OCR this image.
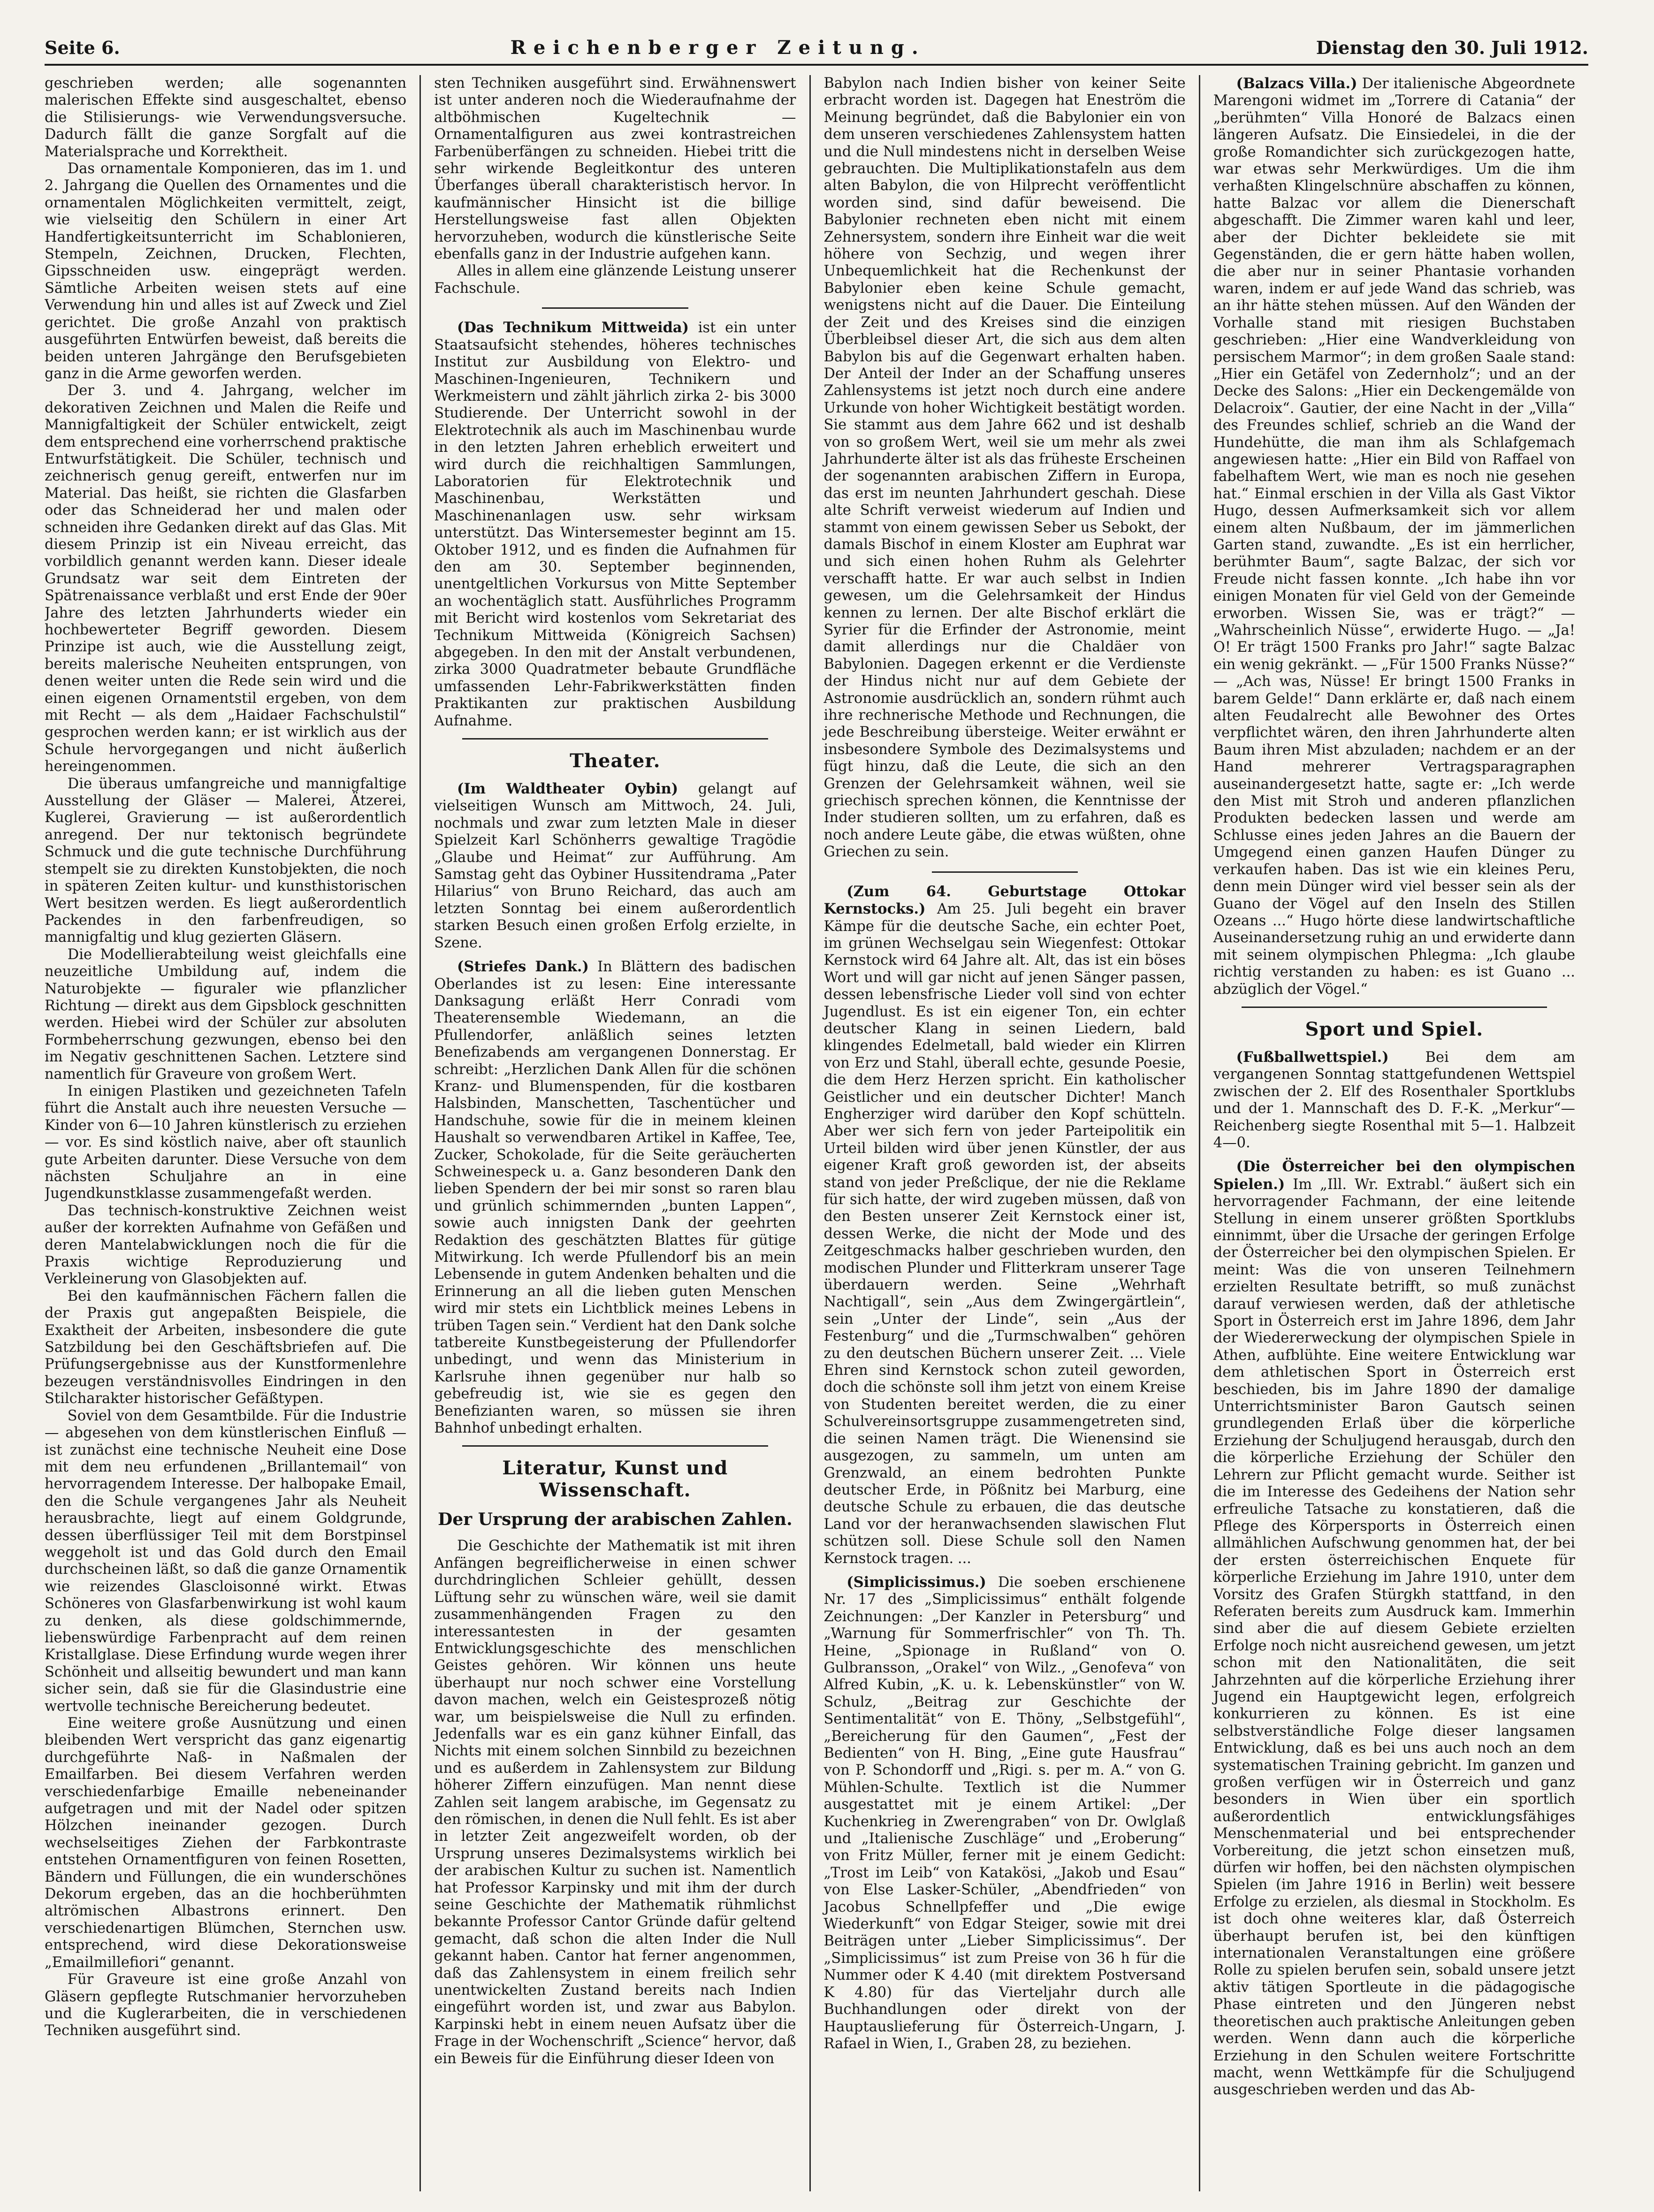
Seite 6.	Reichenberger Zeitung.	Dienstag den 30. Juli 1912.

geschrieben werden; alle sogenannten malerischen Effekte sind ausgeschaltet, ebenso die Stilisierungs- wie Verwendungsversuche. Dadurch fällt die ganze Sorgfalt auf die Materialsprache und Korrektheit.

Das ornamentale Komponieren, das im 1. und 2. Jahrgang die Quellen des Ornamentes und die ornamentalen Möglichkeiten vermittelt, zeigt, wie vielseitig den Schülern in einer Art Handfertigkeitsunterricht im Schablonieren, Stempeln, Zeichnen, Drucken, Flechten, Gipsschneiden usw. eingeprägt werden. Sämtliche Arbeiten weisen stets auf eine Verwendung hin und alles ist auf Zweck und Ziel gerichtet. Die große Anzahl von praktisch ausgeführten Entwürfen beweist, daß bereits die beiden unteren Jahrgänge den Berufsgebieten ganz in die Arme geworfen werden.

Der 3. und 4. Jahrgang, welcher im dekorativen Zeichnen und Malen die Reife und Mannigfaltigkeit der Schüler entwickelt, zeigt dem entsprechend eine vorherrschend praktische Entwurfstätigkeit. Die Schüler, technisch und zeichnerisch genug gereift, entwerfen nur im Material. Das heißt, sie richten die Glasfarben oder das Schneiderad her und malen oder schneiden ihre Gedanken direkt auf das Glas. Mit diesem Prinzip ist ein Niveau erreicht, das vorbildlich genannt werden kann. Dieser ideale Grundsatz war seit dem Eintreten der Spätrenaissance verblaßt und erst Ende der 90er Jahre des letzten Jahrhunderts wieder ein hochbewerteter Begriff geworden. Diesem Prinzipe ist auch, wie die Ausstellung zeigt, bereits malerische Neuheiten entsprungen, von denen weiter unten die Rede sein wird und die einen eigenen Ornamentstil ergeben, von dem mit Recht — als dem „Haidaer Fachschulstil“ gesprochen werden kann; er ist wirklich aus der Schule hervorgegangen und nicht äußerlich hereingenommen.

Die überaus umfangreiche und mannigfaltige Ausstellung der Gläser — Malerei, Ätzerei, Kuglerei, Gravierung — ist außerordentlich anregend. Der nur tektonisch begründete Schmuck und die gute technische Durchführung stempelt sie zu direkten Kunstobjekten, die noch in späteren Zeiten kultur- und kunsthistorischen Wert besitzen werden. Es liegt außerordentlich Packendes in den farbenfreudigen, so mannigfaltig und klug gezierten Gläsern.

Die Modellierabteilung weist gleichfalls eine neuzeitliche Umbildung auf, indem die Naturobjekte — figuraler wie pflanzlicher Richtung — direkt aus dem Gipsblock geschnitten werden. Hiebei wird der Schüler zur absoluten Formbeherrschung gezwungen, ebenso bei den im Negativ geschnittenen Sachen. Letztere sind namentlich für Graveure von großem Wert.

In einigen Plastiken und gezeichneten Tafeln führt die Anstalt auch ihre neuesten Versuche — Kinder von 6—10 Jahren künstlerisch zu erziehen — vor. Es sind köstlich naive, aber oft staunlich gute Arbeiten darunter. Diese Versuche von dem nächsten Schuljahre an in eine Jugendkunstklasse zusammengefaßt werden.

Das technisch-konstruktive Zeichnen weist außer der korrekten Aufnahme von Gefäßen und deren Mantelabwicklungen noch die für die Praxis wichtige Reproduzierung und Verkleinerung von Glasobjekten auf.

Bei den kaufmännischen Fächern fallen die der Praxis gut angepaßten Beispiele, die Exaktheit der Arbeiten, insbesondere die gute Satzbildung bei den Geschäftsbriefen auf. Die Prüfungsergebnisse aus der Kunstformenlehre bezeugen verständnisvolles Eindringen in den Stilcharakter historischer Gefäßtypen.

Soviel von dem Gesamtbilde. Für die Industrie — abgesehen von dem künstlerischen Einfluß — ist zunächst eine technische Neuheit eine Dose mit dem neu erfundenen „Brillantemail“ von hervorragendem Interesse. Der halbopake Email, den die Schule vergangenes Jahr als Neuheit herausbrachte, liegt auf einem Goldgrunde, dessen überflüssiger Teil mit dem Borstpinsel weggeholt ist und das Gold durch den Email durchscheinen läßt, so daß die ganze Ornamentik wie reizendes Glascloisonné wirkt. Etwas Schöneres von Glasfarbenwirkung ist wohl kaum zu denken, als diese goldschimmernde, liebenswürdige Farbenpracht auf dem reinen Kristallglase. Diese Erfindung wurde wegen ihrer Schönheit und allseitig bewundert und man kann sicher sein, daß sie für die Glasindustrie eine wertvolle technische Bereicherung bedeutet.

Eine weitere große Ausnützung und einen bleibenden Wert verspricht das ganz eigenartig durchgeführte Naß- in Naßmalen der Emailfarben. Bei diesem Verfahren werden verschiedenfarbige Emaille nebeneinander aufgetragen und mit der Nadel oder spitzen Hölzchen ineinander gezogen. Durch wechselseitiges Ziehen der Farbkontraste entstehen Ornamentfiguren von feinen Rosetten, Bändern und Füllungen, die ein wunderschönes Dekorum ergeben, das an die hochberühmten altrömischen Albastrons erinnert. Den verschiedenartigen Blümchen, Sternchen usw. entsprechend, wird diese Dekorationsweise „Emailmillefiori“ genannt.

Für Graveure ist eine große Anzahl von Gläsern gepflegte Rutschmanier hervorzuheben und die Kuglerarbeiten, die in verschiedenen Techniken ausgeführt sind.

sten Techniken ausgeführt sind. Erwähnenswert ist unter anderen noch die Wiederaufnahme der altböhmischen Kugeltechnik — Ornamentalfiguren aus zwei kontrastreichen Farbenüberfängen zu schneiden. Hiebei tritt die sehr wirkende Begleitkontur des unteren Überfanges überall charakteristisch hervor. In kaufmännischer Hinsicht ist die billige Herstellungsweise fast allen Objekten hervorzuheben, wodurch die künstlerische Seite ebenfalls ganz in der Industrie aufgehen kann.

Alles in allem eine glänzende Leistung unserer Fachschule.

(Das Technikum Mittweida) ist ein unter Staatsaufsicht stehendes, höheres technisches Institut zur Ausbildung von Elektro- und Maschinen-Ingenieuren, Technikern und Werkmeistern und zählt jährlich zirka 2- bis 3000 Studierende. Der Unterricht sowohl in der Elektrotechnik als auch im Maschinenbau wurde in den letzten Jahren erheblich erweitert und wird durch die reichhaltigen Sammlungen, Laboratorien für Elektrotechnik und Maschinenbau, Werkstätten und Maschinenanlagen usw. sehr wirksam unterstützt. Das Wintersemester beginnt am 15. Oktober 1912, und es finden die Aufnahmen für den am 30. September beginnenden, unentgeltlichen Vorkursus von Mitte September an wochentäglich statt. Ausführliches Programm mit Bericht wird kostenlos vom Sekretariat des Technikum Mittweida (Königreich Sachsen) abgegeben. In den mit der Anstalt verbundenen, zirka 3000 Quadratmeter bebaute Grundfläche umfassenden Lehr-Fabrikwerkstätten finden Praktikanten zur praktischen Ausbildung Aufnahme.

Theater.

(Im Waldtheater Oybin) gelangt auf vielseitigen Wunsch am Mittwoch, 24. Juli, nochmals und zwar zum letzten Male in dieser Spielzeit Karl Schönherrs gewaltige Tragödie „Glaube und Heimat“ zur Aufführung. Am Samstag geht das Oybiner Hussitendrama „Pater Hilarius“ von Bruno Reichard, das auch am letzten Sonntag bei einem außerordentlich starken Besuch einen großen Erfolg erzielte, in Szene.

(Striefes Dank.) In Blättern des badischen Oberlandes ist zu lesen: Eine interessante Danksagung erläßt Herr Conradi vom Theaterensemble Wiedemann, an die Pfullendorfer, anläßlich seines letzten Benefizabends am vergangenen Donnerstag. Er schreibt: „Herzlichen Dank Allen für die schönen Kranz- und Blumenspenden, für die kostbaren Halsbinden, Manschetten, Taschentücher und Handschuhe, sowie für die in meinem kleinen Haushalt so verwendbaren Artikel in Kaffee, Tee, Zucker, Schokolade, für die Seite geräucherten Schweinespeck u. a. Ganz besonderen Dank den lieben Spendern der bei mir sonst so raren blau und grünlich schimmernden „bunten Lappen“, sowie auch innigsten Dank der geehrten Redaktion des geschätzten Blattes für gütige Mitwirkung. Ich werde Pfullendorf bis an mein Lebensende in gutem Andenken behalten und die Erinnerung an all die lieben guten Menschen wird mir stets ein Lichtblick meines Lebens in trüben Tagen sein.“ Verdient hat den Dank solche tatbereite Kunstbegeisterung der Pfullendorfer unbedingt, und wenn das Ministerium in Karlsruhe ihnen gegenüber nur halb so gebefreudig ist, wie sie es gegen den Benefizianten waren, so müssen sie ihren Bahnhof unbedingt erhalten.

Literatur, Kunst und Wissenschaft.
Der Ursprung der arabischen Zahlen.

Die Geschichte der Mathematik ist mit ihren Anfängen begreiflicherweise in einen schwer durchdringlichen Schleier gehüllt, dessen Lüftung sehr zu wünschen wäre, weil sie damit zusammenhängenden Fragen zu den interessantesten in der gesamten Entwicklungsgeschichte des menschlichen Geistes gehören. Wir können uns heute überhaupt nur noch schwer eine Vorstellung davon machen, welch ein Geistesprozeß nötig war, um beispielsweise die Null zu erfinden. Jedenfalls war es ein ganz kühner Einfall, das Nichts mit einem solchen Sinnbild zu bezeichnen und es außerdem in Zahlensystem zur Bildung höherer Ziffern einzufügen. Man nennt diese Zahlen seit langem arabische, im Gegensatz zu den römischen, in denen die Null fehlt. Es ist aber in letzter Zeit angezweifelt worden, ob der Ursprung unseres Dezimalsystems wirklich bei der arabischen Kultur zu suchen ist. Namentlich hat Professor Karpinsky und mit ihm der durch seine Geschichte der Mathematik rühmlichst bekannte Professor Cantor Gründe dafür geltend gemacht, daß schon die alten Inder die Null gekannt haben. Cantor hat ferner angenommen, daß das Zahlensystem in einem freilich sehr unentwickelten Zustand bereits nach Indien eingeführt worden ist, und zwar aus Babylon. Karpinski hebt in einem neuen Aufsatz über die Frage in der Wochenschrift „Science“ hervor, daß ein Beweis für die Einführung dieser Ideen von

Babylon nach Indien bisher von keiner Seite erbracht worden ist. Dagegen hat Eneström die Meinung begründet, daß die Babylonier ein von dem unseren verschiedenes Zahlensystem hatten und die Null mindestens nicht in derselben Weise gebrauchten. Die Multiplikationstafeln aus dem alten Babylon, die von Hilprecht veröffentlicht worden sind, sind dafür beweisend. Die Babylonier rechneten eben nicht mit einem Zehnersystem, sondern ihre Einheit war die weit höhere von Sechzig, und wegen ihrer Unbequemlichkeit hat die Rechenkunst der Babylonier eben keine Schule gemacht, wenigstens nicht auf die Dauer. Die Einteilung der Zeit und des Kreises sind die einzigen Überbleibsel dieser Art, die sich aus dem alten Babylon bis auf die Gegenwart erhalten haben. Der Anteil der Inder an der Schaffung unseres Zahlensystems ist jetzt noch durch eine andere Urkunde von hoher Wichtigkeit bestätigt worden. Sie stammt aus dem Jahre 662 und ist deshalb von so großem Wert, weil sie um mehr als zwei Jahrhunderte älter ist als das früheste Erscheinen der sogenannten arabischen Ziffern in Europa, das erst im neunten Jahrhundert geschah. Diese alte Schrift verweist wiederum auf Indien und stammt von einem gewissen Seber us Sebokt, der damals Bischof in einem Kloster am Euphrat war und sich einen hohen Ruhm als Gelehrter verschafft hatte. Er war auch selbst in Indien gewesen, um die Gelehrsamkeit der Hindus kennen zu lernen. Der alte Bischof erklärt die Syrier für die Erfinder der Astronomie, meint damit allerdings nur die Chaldäer von Babylonien. Dagegen erkennt er die Verdienste der Hindus nicht nur auf dem Gebiete der Astronomie ausdrücklich an, sondern rühmt auch ihre rechnerische Methode und Rechnungen, die jede Beschreibung übersteige. Weiter erwähnt er insbesondere Symbole des Dezimalsystems und fügt hinzu, daß die Leute, die sich an den Grenzen der Gelehrsamkeit wähnen, weil sie griechisch sprechen können, die Kenntnisse der Inder studieren sollten, um zu erfahren, daß es noch andere Leute gäbe, die etwas wüßten, ohne Griechen zu sein.

(Zum 64. Geburtstage Ottokar Kernstocks.) Am 25. Juli begeht ein braver Kämpe für die deutsche Sache, ein echter Poet, im grünen Wechselgau sein Wiegenfest: Ottokar Kernstock wird 64 Jahre alt. Alt, das ist ein böses Wort und will gar nicht auf jenen Sänger passen, dessen lebensfrische Lieder voll sind von echter Jugendlust. Es ist ein eigener Ton, ein echter deutscher Klang in seinen Liedern, bald klingendes Edelmetall, bald wieder ein Klirren von Erz und Stahl, überall echte, gesunde Poesie, die dem Herz Herzen spricht. Ein katholischer Geistlicher und ein deutscher Dichter! Manch Engherziger wird darüber den Kopf schütteln. Aber wer sich fern von jeder Parteipolitik ein Urteil bilden wird über jenen Künstler, der aus eigener Kraft groß geworden ist, der abseits stand von jeder Preßclique, der nie die Reklame für sich hatte, der wird zugeben müssen, daß von den Besten unserer Zeit Kernstock einer ist, dessen Werke, die nicht der Mode und des Zeitgeschmacks halber geschrieben wurden, den modischen Plunder und Flitterkram unserer Tage überdauern werden. Seine „Wehrhaft Nachtigall“, sein „Aus dem Zwingergärtlein“, sein „Unter der Linde“, sein „Aus der Festenburg“ und die „Turmschwalben“ gehören zu den deutschen Büchern unserer Zeit. ... Viele Ehren sind Kernstock schon zuteil geworden, doch die schönste soll ihm jetzt von einem Kreise von Studenten bereitet werden, die zu einer Schulvereinsortsgruppe zusammengetreten sind, die seinen Namen trägt. Die Wienensind sie ausgezogen, zu sammeln, um unten am Grenzwald, an einem bedrohten Punkte deutscher Erde, in Pößnitz bei Marburg, eine deutsche Schule zu erbauen, die das deutsche Land vor der heranwachsenden slawischen Flut schützen soll. Diese Schule soll den Namen Kernstock tragen. ...

(Simplicissimus.) Die soeben erschienene Nr. 17 des „Simplicissimus“ enthält folgende Zeichnungen: „Der Kanzler in Petersburg“ und „Warnung für Sommerfrischler“ von Th. Th. Heine, „Spionage in Rußland“ von O. Gulbransson, „Orakel“ von Wilz., „Genofeva“ von Alfred Kubin, „K. u. k. Lebenskünstler“ von W. Schulz, „Beitrag zur Geschichte der Sentimentalität“ von E. Thöny, „Selbstgefühl“, „Bereicherung für den Gaumen“, „Fest der Bedienten“ von H. Bing, „Eine gute Hausfrau“ von P. Schondorff und „Rigi. s. per m. A.“ von G. Mühlen-Schulte. Textlich ist die Nummer ausgestattet mit je einem Artikel: „Der Kuchenkrieg in Zwerengraben“ von Dr. Owlglaß und „Italienische Zuschläge“ und „Eroberung“ von Fritz Müller, ferner mit je einem Gedicht: „Trost im Leib“ von Katakösi, „Jakob und Esau“ von Else Lasker-Schüler, „Abendfrieden“ von Jacobus Schnellpfeffer und „Die ewige Wiederkunft“ von Edgar Steiger, sowie mit drei Beiträgen unter „Lieber Simplicissimus“. Der „Simplicissimus“ ist zum Preise von 36 h für die Nummer oder K 4.40 (mit direktem Postversand K 4.80) für das Vierteljahr durch alle Buchhandlungen oder direkt von der Hauptauslieferung für Österreich-Ungarn, J. Rafael in Wien, I., Graben 28, zu beziehen.

(Balzacs Villa.) Der italienische Abgeordnete Marengoni widmet im „Torrere di Catania“ der „berühmten“ Villa Honoré de Balzacs einen längeren Aufsatz. Die Einsiedelei, in die der große Romandichter sich zurückgezogen hatte, war etwas sehr Merkwürdiges. Um die ihm verhaßten Klingelschnüre abschaffen zu können, hatte Balzac vor allem die Dienerschaft abgeschafft. Die Zimmer waren kahl und leer, aber der Dichter bekleidete sie mit Gegenständen, die er gern hätte haben wollen, die aber nur in seiner Phantasie vorhanden waren, indem er auf jede Wand das schrieb, was an ihr hätte stehen müssen. Auf den Wänden der Vorhalle stand mit riesigen Buchstaben geschrieben: „Hier eine Wandverkleidung von persischem Marmor“; in dem großen Saale stand: „Hier ein Getäfel von Zedernholz“; und an der Decke des Salons: „Hier ein Deckengemälde von Delacroix“. Gautier, der eine Nacht in der „Villa“ des Freundes schlief, schrieb an die Wand der Hundehütte, die man ihm als Schlafgemach angewiesen hatte: „Hier ein Bild von Raffael von fabelhaftem Wert, wie man es noch nie gesehen hat.“ Einmal erschien in der Villa als Gast Viktor Hugo, dessen Aufmerksamkeit sich vor allem einem alten Nußbaum, der im jämmerlichen Garten stand, zuwandte. „Es ist ein herrlicher, berühmter Baum“, sagte Balzac, der sich vor Freude nicht fassen konnte. „Ich habe ihn vor einigen Monaten für viel Geld von der Gemeinde erworben. Wissen Sie, was er trägt?“ — „Wahrscheinlich Nüsse“, erwiderte Hugo. — „Ja! O! Er trägt 1500 Franks pro Jahr!“ sagte Balzac ein wenig gekränkt. — „Für 1500 Franks Nüsse?“ — „Ach was, Nüsse! Er bringt 1500 Franks in barem Gelde!“ Dann erklärte er, daß nach einem alten Feudalrecht alle Bewohner des Ortes verpflichtet wären, den ihren Jahrhunderte alten Baum ihren Mist abzuladen; nachdem er an der Hand mehrerer Vertragsparagraphen auseinandergesetzt hatte, sagte er: „Ich werde den Mist mit Stroh und anderen pflanzlichen Produkten bedecken lassen und werde am Schlusse eines jeden Jahres an die Bauern der Umgegend einen ganzen Haufen Dünger zu verkaufen haben. Das ist wie ein kleines Peru, denn mein Dünger wird viel besser sein als der Guano der Vögel auf den Inseln des Stillen Ozeans ...“ Hugo hörte diese landwirtschaftliche Auseinandersetzung ruhig an und erwiderte dann mit seinem olympischen Phlegma: „Ich glaube richtig verstanden zu haben: es ist Guano ... abzüglich der Vögel.“

Sport und Spiel.

(Fußballwettspiel.)	Bei dem am vergangenen Sonntag stattgefundenen Wettspiel zwischen der 2. Elf des Rosenthaler Sportklubs und der 1. Mannschaft des D. F.-K. „Merkur“—Reichenberg siegte Rosenthal mit 5—1. Halbzeit 4—0.

(Die Österreicher bei den olympischen Spielen.) Im „Ill. Wr. Extrabl.“ äußert sich ein hervorragender Fachmann, der eine leitende Stellung in einem unserer größten Sportklubs einnimmt, über die Ursache der geringen Erfolge der Österreicher bei den olympischen Spielen. Er meint: Was die von unseren Teilnehmern erzielten Resultate betrifft, so muß zunächst darauf verwiesen werden, daß der athletische Sport in Österreich erst im Jahre 1896, dem Jahr der Wiedererweckung der olympischen Spiele in Athen, aufblühte. Eine weitere Entwicklung war dem athletischen Sport in Österreich erst beschieden, bis im Jahre 1890 der damalige Unterrichtsminister Baron Gautsch seinen grundlegenden Erlaß über die körperliche Erziehung der Schuljugend herausgab, durch den die körperliche Erziehung der Schüler den Lehrern zur Pflicht gemacht wurde. Seither ist die im Interesse des Gedeihens der Nation sehr erfreuliche Tatsache zu konstatieren, daß die Pflege des Körpersports in Österreich einen allmählichen Aufschwung genommen hat, der bei der ersten österreichischen Enquete für körperliche Erziehung im Jahre 1910, unter dem Vorsitz des Grafen Stürgkh stattfand, in den Referaten bereits zum Ausdruck kam. Immerhin sind aber die auf diesem Gebiete erzielten Erfolge noch nicht ausreichend gewesen, um jetzt schon mit den Nationalitäten, die seit Jahrzehnten auf die körperliche Erziehung ihrer Jugend ein Hauptgewicht legen, erfolgreich konkurrieren zu können. Es ist eine selbstverständliche Folge dieser langsamen Entwicklung, daß es bei uns auch noch an dem systematischen Training gebricht. Im ganzen und großen verfügen wir in Österreich und ganz besonders in Wien über ein sportlich außerordentlich entwicklungsfähiges Menschenmaterial und bei entsprechender Vorbereitung, die jetzt schon einsetzen muß, dürfen wir hoffen, bei den nächsten olympischen Spielen (im Jahre 1916 in Berlin) weit bessere Erfolge zu erzielen, als diesmal in Stockholm. Es ist doch ohne weiteres klar, daß Österreich überhaupt berufen ist, bei den künftigen internationalen Veranstaltungen eine größere Rolle zu spielen berufen sein, sobald unsere jetzt aktiv tätigen Sportleute in die pädagogische Phase eintreten und den Jüngeren nebst theoretischen auch praktische Anleitungen geben werden. Wenn dann auch die körperliche Erziehung in den Schulen weitere Fortschritte macht, wenn Wettkämpfe für die Schuljugend ausgeschrieben werden und das Ab-
